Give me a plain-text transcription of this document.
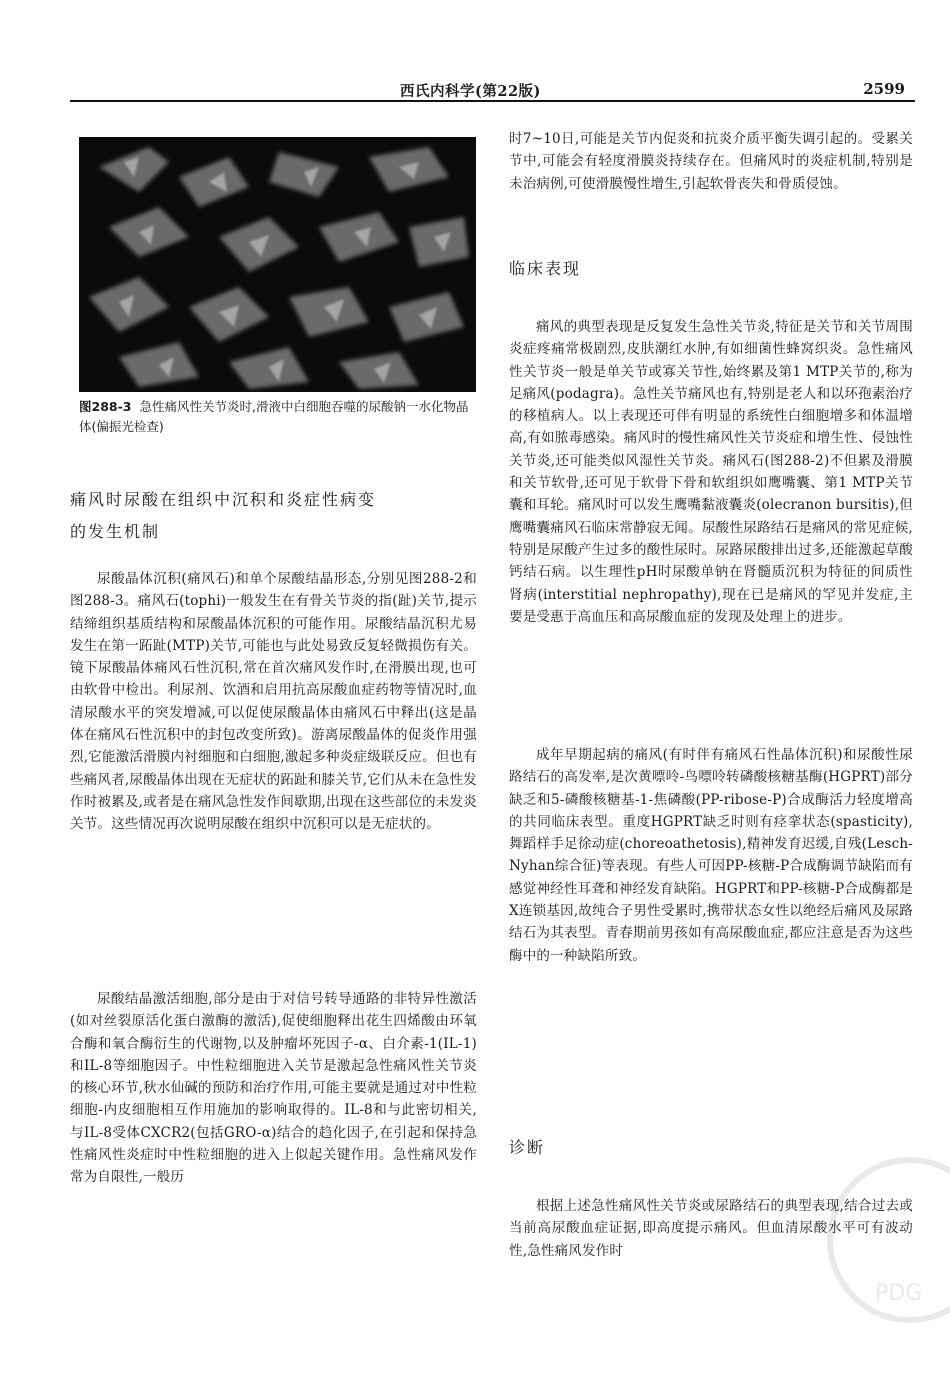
西氏内科学(第22版)	2599
图288-3 急性痛风性关节炎时,滑液中白细胞吞噬的尿酸钠一水化物晶体(偏振光检查)
痛风时尿酸在组织中沉积和炎症性病变
的发生机制
尿酸晶体沉积(痛风石)和单个尿酸结晶形态,分别见图288-2和图288-3。痛风石(tophi)一般发生在有骨关节炎的指(趾)关节,提示结缔组织基质结构和尿酸晶体沉积的可能作用。尿酸结晶沉积尤易发生在第一跖趾(MTP)关节,可能也与此处易致反复轻微损伤有关。镜下尿酸晶体痛风石性沉积,常在首次痛风发作时,在滑膜出现,也可由软骨中检出。利尿剂、饮酒和启用抗高尿酸血症药物等情况时,血清尿酸水平的突发增减,可以促使尿酸晶体由痛风石中释出(这是晶体在痛风石性沉积中的封包改变所致)。游离尿酸晶体的促炎作用强烈,它能激活滑膜内衬细胞和白细胞,激起多种炎症级联反应。但也有些痛风者,尿酸晶体出现在无症状的跖趾和膝关节,它们从未在急性发作时被累及,或者是在痛风急性发作间歇期,出现在这些部位的未发炎关节。这些情况再次说明尿酸在组织中沉积可以是无症状的。
尿酸结晶激活细胞,部分是由于对信号转导通路的非特异性激活(如对丝裂原活化蛋白激酶的激活),促使细胞释出花生四烯酸由环氧合酶和氧合酶衍生的代谢物,以及肿瘤坏死因子-α、白介素-1(IL-1)和IL-8等细胞因子。中性粒细胞进入关节是激起急性痛风性关节炎的核心环节,秋水仙碱的预防和治疗作用,可能主要就是通过对中性粒细胞-内皮细胞相互作用施加的影响取得的。IL-8和与此密切相关,与IL-8受体CXCR2(包括GRO-α)结合的趋化因子,在引起和保持急性痛风性炎症时中性粒细胞的进入上似起关键作用。急性痛风发作常为自限性,一般历
时7~10日,可能是关节内促炎和抗炎介质平衡失调引起的。受累关节中,可能会有轻度滑膜炎持续存在。但痛风时的炎症机制,特别是未治病例,可使滑膜慢性增生,引起软骨丧失和骨质侵蚀。
临床表现
痛风的典型表现是反复发生急性关节炎,特征是关节和关节周围炎症疼痛常极剧烈,皮肤潮红水肿,有如细菌性蜂窝织炎。急性痛风性关节炎一般是单关节或寡关节性,始终累及第1 MTP关节的,称为足痛风(podagra)。急性关节痛风也有,特别是老人和以环孢素治疗的移植病人。以上表现还可伴有明显的系统性白细胞增多和体温增高,有如脓毒感染。痛风时的慢性痛风性关节炎症和增生性、侵蚀性关节炎,还可能类似风湿性关节炎。痛风石(图288-2)不但累及滑膜和关节软骨,还可见于软骨下骨和软组织如鹰嘴囊、第1 MTP关节囊和耳轮。痛风时可以发生鹰嘴黏液囊炎(olecranon bursitis),但鹰嘴囊痛风石临床常静寂无闻。尿酸性尿路结石是痛风的常见症候,特别是尿酸产生过多的酸性尿时。尿路尿酸排出过多,还能激起草酸钙结石病。以生理性pH时尿酸单钠在肾髓质沉积为特征的间质性肾病(interstitial nephropathy),现在已是痛风的罕见并发症,主要是受惠于高血压和高尿酸血症的发现及处理上的进步。
成年早期起病的痛风(有时伴有痛风石性晶体沉积)和尿酸性尿路结石的高发率,是次黄嘌呤-鸟嘌呤转磷酸核糖基酶(HGPRT)部分缺乏和5-磷酸核糖基-1-焦磷酸(PP-ribose-P)合成酶活力轻度增高的共同临床表型。重度HGPRT缺乏时则有痉挛状态(spasticity),舞蹈样手足徐动症(choreoathetosis),精神发育迟缓,自残(Lesch-Nyhan综合征)等表现。有些人可因PP-核糖-P合成酶调节缺陷而有感觉神经性耳聋和神经发育缺陷。HGPRT和PP-核糖-P合成酶都是X连锁基因,故纯合子男性受累时,携带状态女性以绝经后痛风及尿路结石为其表型。青春期前男孩如有高尿酸血症,都应注意是否为这些酶中的一种缺陷所致。
诊断
根据上述急性痛风性关节炎或尿路结石的典型表现,结合过去或当前高尿酸血症证据,即高度提示痛风。但血清尿酸水平可有波动性,急性痛风发作时
PDG
